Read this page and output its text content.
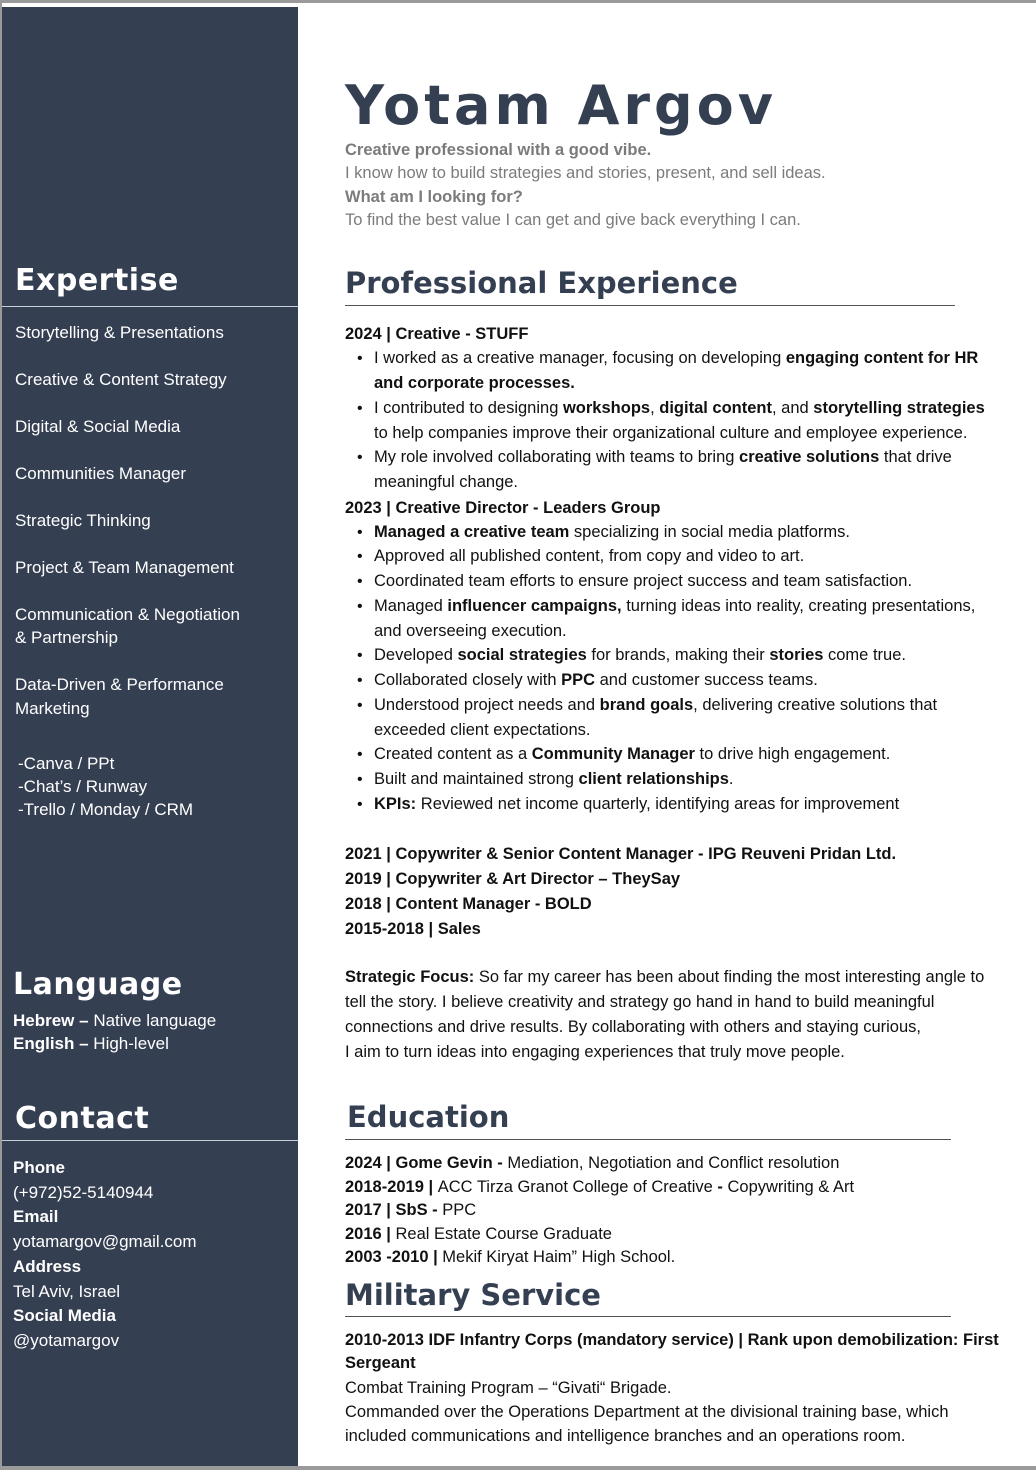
Expertise
Storytelling & Presentations
Creative & Content Strategy
Digital & Social Media
Communities Manager
Strategic Thinking
Project & Team Management
Communication & Negotiation
& Partnership
Data-Driven & Performance
Marketing
-Canva / PPt
-Chat’s / Runway
-Trello / Monday / CRM
Language
Hebrew – Native language
English – High-level
Contact
Phone
(+972)52-5140944
Email
yotamargov@gmail.com
Address
Tel Aviv, Israel
Social Media
@yotamargov
Yotam Argov
Creative professional with a good vibe.
I know how to build strategies and stories, present, and sell ideas.
What am I looking for?
To find the best value I can get and give back everything I can.
Professional Experience
2024 | Creative - STUFF
• I worked as a creative manager, focusing on developing engaging content for HR and corporate processes.
• I contributed to designing workshops, digital content, and storytelling strategies to help companies improve their organizational culture and employee experience.
• My role involved collaborating with teams to bring creative solutions that drive meaningful change.
2023 | Creative Director - Leaders Group
• Managed a creative team specializing in social media platforms.
• Approved all published content, from copy and video to art.
• Coordinated team efforts to ensure project success and team satisfaction.
• Managed influencer campaigns, turning ideas into reality, creating presentations, and overseeing execution.
• Developed social strategies for brands, making their stories come true.
• Collaborated closely with PPC and customer success teams.
• Understood project needs and brand goals, delivering creative solutions that exceeded client expectations.
• Created content as a Community Manager to drive high engagement.
• Built and maintained strong client relationships.
• KPIs: Reviewed net income quarterly, identifying areas for improvement
2021 | Copywriter & Senior Content Manager - IPG Reuveni Pridan Ltd.
2019 | Copywriter & Art Director – TheySay
2018 | Content Manager - BOLD
2015-2018 | Sales
Strategic Focus: So far my career has been about finding the most interesting angle to tell the story. I believe creativity and strategy go hand in hand to build meaningful connections and drive results. By collaborating with others and staying curious,
I aim to turn ideas into engaging experiences that truly move people.
Education
2024 | Gome Gevin - Mediation, Negotiation and Conflict resolution
2018-2019 | ACC Tirza Granot College of Creative - Copywriting & Art
2017 | SbS - PPC
2016 | Real Estate Course Graduate
2003 -2010 | Mekif Kiryat Haim” High School.
Military Service
2010-2013 IDF Infantry Corps (mandatory service) | Rank upon demobilization: First Sergeant
Combat Training Program – “Givati“ Brigade.
Commanded over the Operations Department at the divisional training base, which included communications and intelligence branches and an operations room.
